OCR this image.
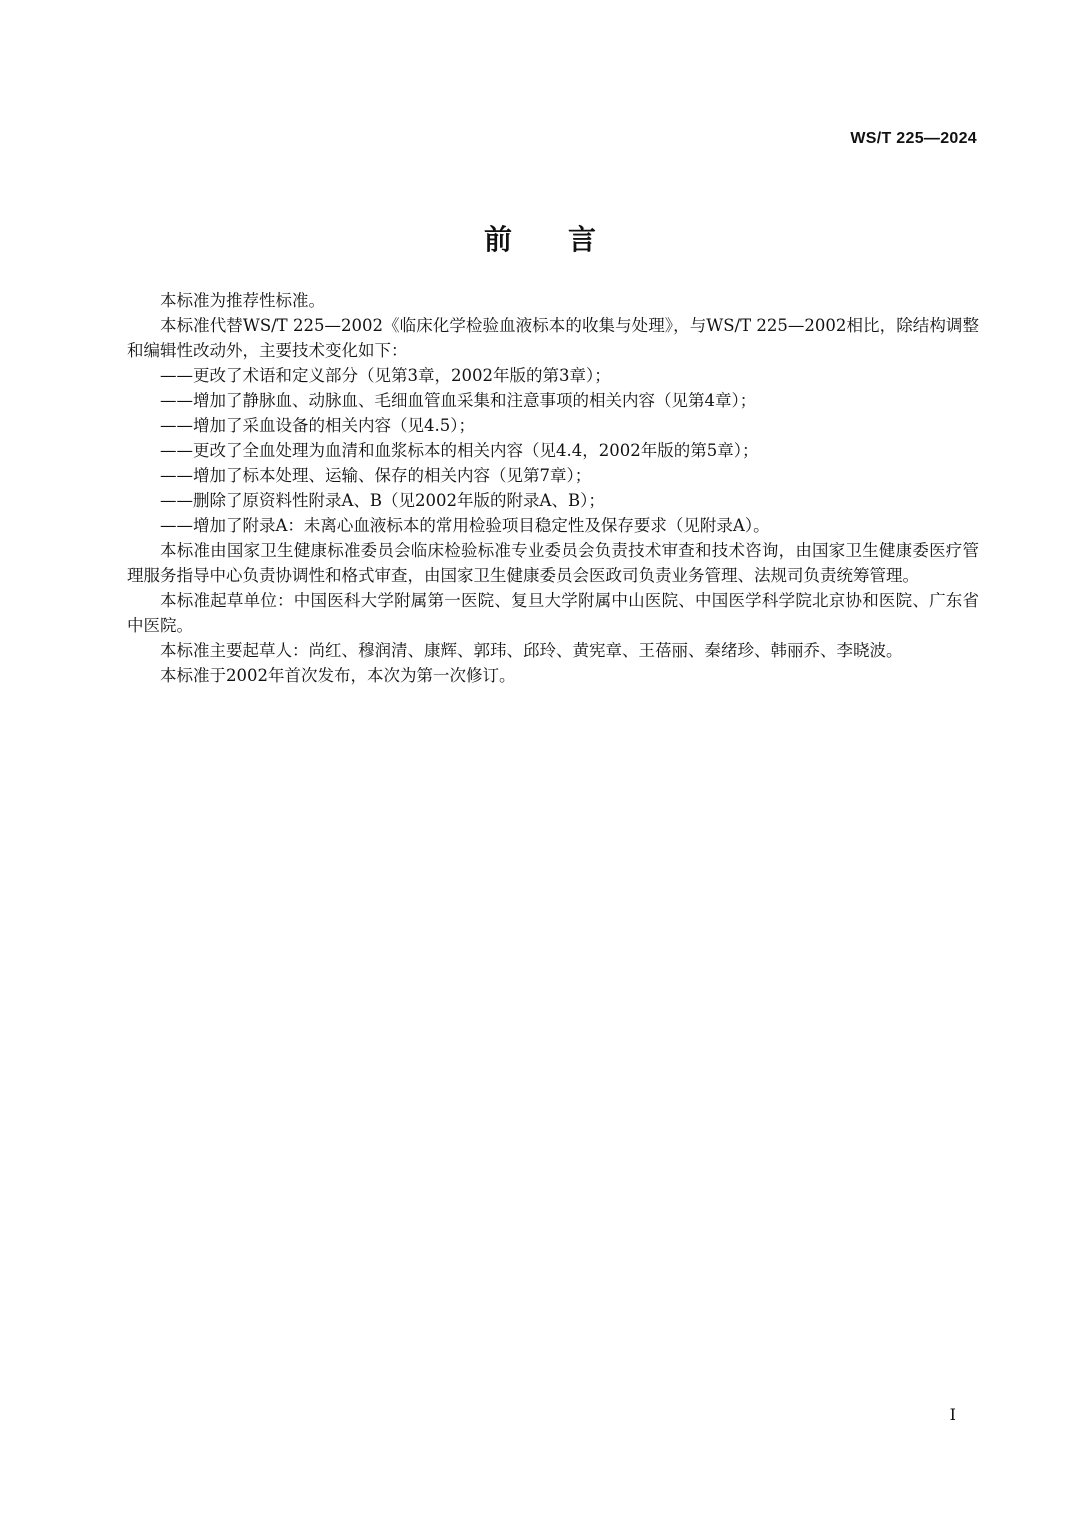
WS/T 225—2024
前言

本标准为推荐性标准。

本标准代替WS/T 225—2002《临床化学检验血液标本的收集与处理》，与WS/T 225—2002相比，除结构调整和编辑性改动外，主要技术变化如下：

——更改了术语和定义部分（见第3章，2002年版的第3章）；
——增加了静脉血、动脉血、毛细血管血采集和注意事项的相关内容（见第4章）；
——增加了采血设备的相关内容（见4.5）；
——更改了全血处理为血清和血浆标本的相关内容（见4.4，2002年版的第5章）；
——增加了标本处理、运输、保存的相关内容（见第7章）；
——删除了原资料性附录A、B（见2002年版的附录A、B）；
——增加了附录A：未离心血液标本的常用检验项目稳定性及保存要求（见附录A）。

本标准由国家卫生健康标准委员会临床检验标准专业委员会负责技术审查和技术咨询，由国家卫生健康委医疗管理服务指导中心负责协调性和格式审查，由国家卫生健康委员会医政司负责业务管理、法规司负责统筹管理。

本标准起草单位：中国医科大学附属第一医院、复旦大学附属中山医院、中国医学科学院北京协和医院、广东省中医院。

本标准主要起草人：尚红、穆润清、康辉、郭玮、邱玲、黄宪章、王蓓丽、秦绪珍、韩丽乔、李晓波。

本标准于2002年首次发布，本次为第一次修订。

I
